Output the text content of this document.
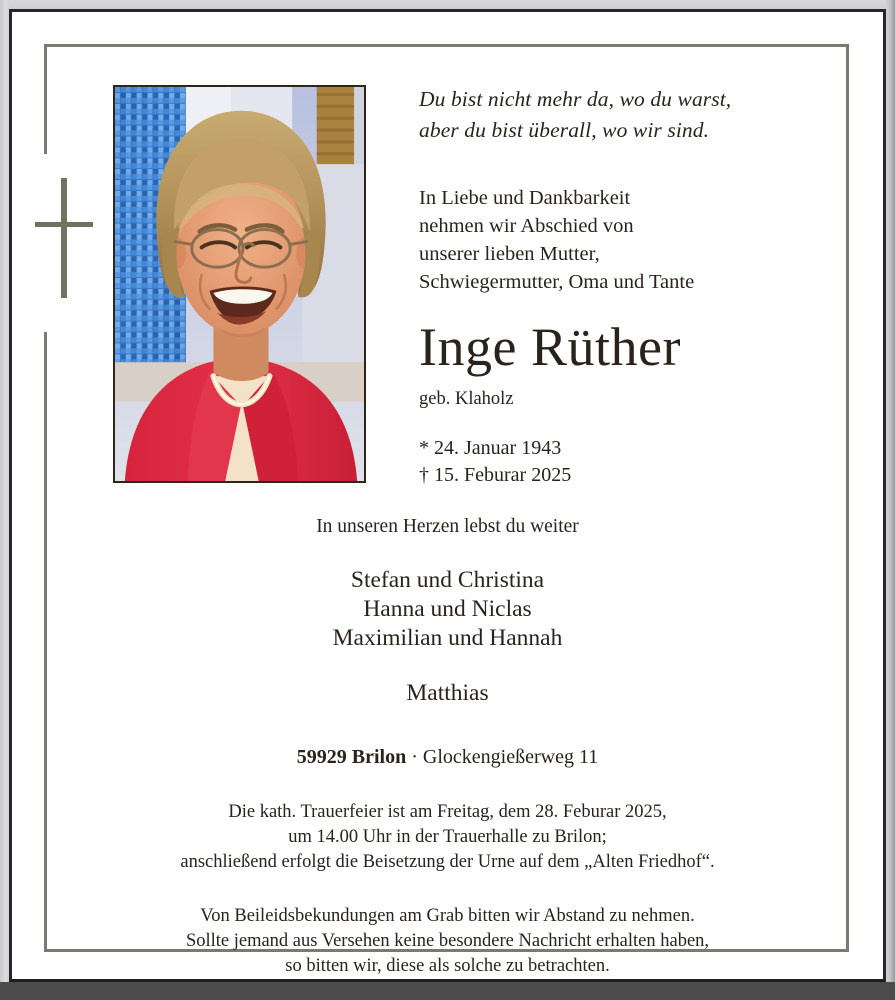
Du bist nicht mehr da, wo du warst,
aber du bist überall, wo wir sind.
In Liebe und Dankbarkeit
nehmen wir Abschied von
unserer lieben Mutter,
Schwiegermutter, Oma und Tante
Inge Rüther
geb. Klaholz
* 24. Januar 1943
† 15. Feburar 2025
In unseren Herzen lebst du weiter
Stefan und Christina
Hanna und Niclas
Maximilian und Hannah
Matthias
59929 Brilon · Glockengießerweg 11
Die kath. Trauerfeier ist am Freitag, dem 28. Feburar 2025,
um 14.00 Uhr in der Trauerhalle zu Brilon;
anschließend erfolgt die Beisetzung der Urne auf dem „Alten Friedhof“.
Von Beileidsbekundungen am Grab bitten wir Abstand zu nehmen.
Sollte jemand aus Versehen keine besondere Nachricht erhalten haben,
so bitten wir, diese als solche zu betrachten.
